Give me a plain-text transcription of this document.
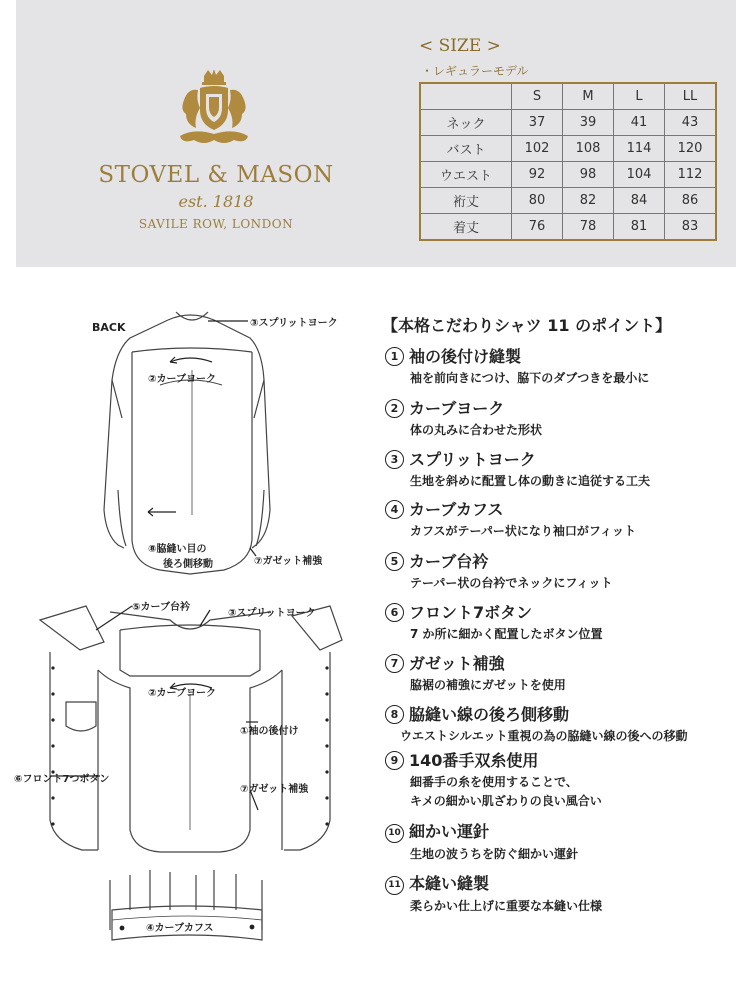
STOVEL & MASON
est. 1818
SAVILE ROW, LONDON
< SIZE >
・レギュラーモデル
	S	M	L	LL
ネック	37	39	41	43
バスト	102	108	114	120
ウエスト	92	98	104	112
裄丈	80	82	84	86
着丈	76	78	81	83
BACK	③スプリットヨーク
②カーブヨーク
⑧脇縫い目の
後ろ側移動	⑦ガゼット補強
⑤カーブ台衿
③スプリットヨーク
②カーブヨーク
①袖の後付け
⑥フロント7つボタン
⑦ガゼット補強
④カーブカフス
【本格こだわりシャツ 11 のポイント】
1 袖の後付け縫製
袖を前向きにつけ、脇下のダブつきを最小に
2 カーブヨーク
体の丸みに合わせた形状
3 スプリットヨーク
生地を斜めに配置し体の動きに追従する工夫
4 カーブカフス
カフスがテーパー状になり袖口がフィット
5 カーブ台衿
テーパー状の台衿でネックにフィット
6 フロント7ボタン
7 か所に細かく配置したボタン位置
7 ガゼット補強
脇裾の補強にガゼットを使用
8 脇縫い線の後ろ側移動
ウエストシルエット重視の為の脇縫い線の後への移動
9 140番手双糸使用
細番手の糸を使用することで、
キメの細かい肌ざわりの良い風合い
10 細かい運針
生地の波うちを防ぐ細かい運針
11 本縫い縫製
柔らかい仕上げに重要な本縫い仕様
